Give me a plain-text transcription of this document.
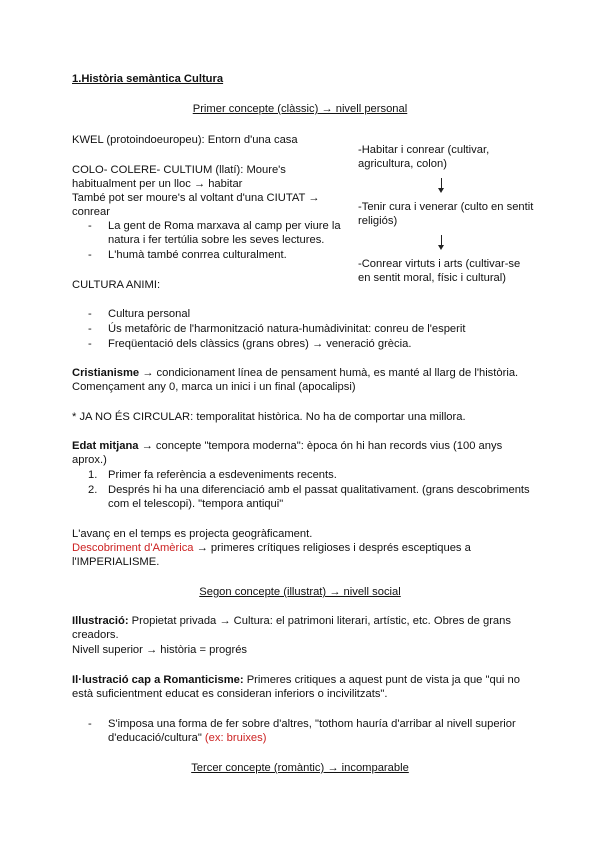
1.Història semàntica Cultura
Primer concepte (clàssic) → nivell personal
KWEL (protoindoeuropeu): Entorn d'una casa
COLO- COLERE- CULTIUM (llatí): Moure's
habitualment per un lloc → habitar
També pot ser moure's al voltant d'una CIUTAT →
conrear
- La gent de Roma marxava al camp per viure la
natura i fer tertúlia sobre les seves lectures.
- L'humà també conrrea culturalment.
-Habitar i conrear (cultivar,
agricultura, colon)
-Tenir cura i venerar (culto en sentit
religiós)
-Conrear virtuts i arts (cultivar-se
en sentit moral, físic i cultural)
CULTURA ANIMI:
- Cultura personal
- Ús metafòric de l'harmonització natura-humàdivinitat: conreu de l'esperit
- Freqüentació dels clàssics (grans obres) → veneració grècia.
Cristianisme → condicionament línea de pensament humà, es manté al llarg de l'història.
Començament any 0, marca un inici i un final (apocalipsi)
* JA NO ÉS CIRCULAR: temporalitat històrica. No ha de comportar una millora.
Edat mitjana → concepte "tempora moderna": època ón hi han records vius (100 anys
aprox.)
1. Primer fa referència a esdeveniments recents.
2. Després hi ha una diferenciació amb el passat qualitativament. (grans descobriments
com el telescopi). "tempora antiqui"
L'avanç en el temps es projecta geogràficament.
Descobriment d'Amèrica → primeres crítiques religioses i després esceptiques a
l'IMPERIALISME.
Segon concepte (illustrat) → nivell social
Illustració: Propietat privada → Cultura: el patrimoni literari, artístic, etc. Obres de grans
creadors.
Nivell superior → història = progrés
Il·lustració cap a Romanticisme: Primeres critiques a aquest punt de vista ja que "qui no
està suficientment educat es consideran inferiors o incivilitzats".
- S'imposa una forma de fer sobre d'altres, "tothom hauría d'arribar al nivell superior
d'educació/cultura" (ex: bruixes)
Tercer concepte (romàntic) → incomparable
